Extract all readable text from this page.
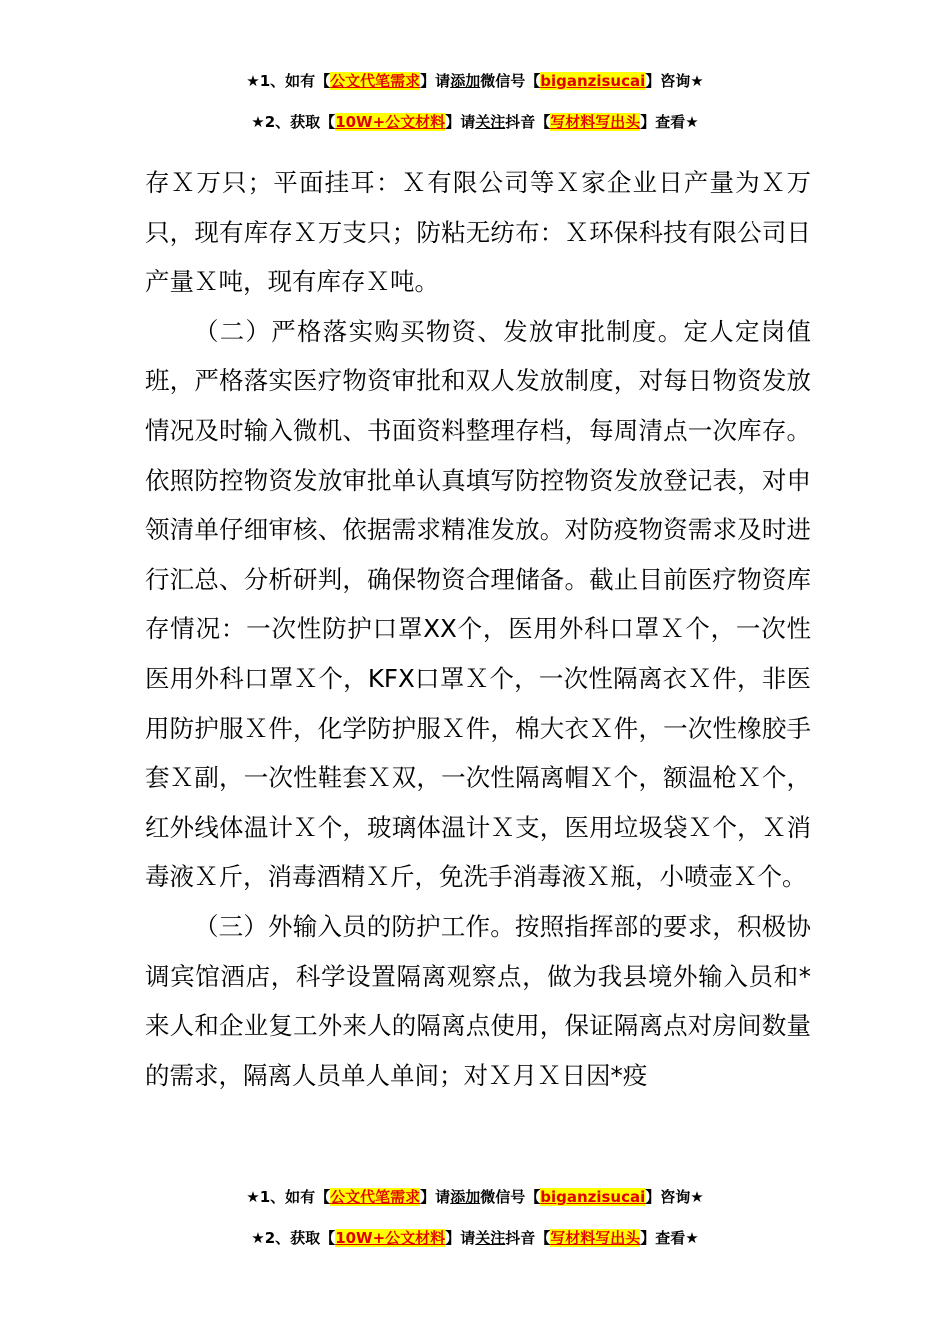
★1、如有【公文代笔需求】请添加微信号【biganzisucai】咨询★
★2、获取【10W+公文材料】请关注抖音【写材料写出头】查看★

存Ｘ万只；平面挂耳：Ｘ有限公司等Ｘ家企业日产量为Ｘ万只，现有库存Ｘ万支只；防粘无纺布：Ｘ环保科技有限公司日产量Ｘ吨，现有库存Ｘ吨。

（二）严格落实购买物资、发放审批制度。定人定岗值班，严格落实医疗物资审批和双人发放制度，对每日物资发放情况及时输入微机、书面资料整理存档，每周清点一次库存。依照防控物资发放审批单认真填写防控物资发放登记表，对申领清单仔细审核、依据需求精准发放。对防疫物资需求及时进行汇总、分析研判，确保物资合理储备。截止目前医疗物资库存情况：一次性防护口罩XX个，医用外科口罩Ｘ个，一次性医用外科口罩Ｘ个，KFX口罩Ｘ个，一次性隔离衣Ｘ件，非医用防护服Ｘ件，化学防护服Ｘ件，棉大衣Ｘ件，一次性橡胶手套Ｘ副，一次性鞋套Ｘ双，一次性隔离帽Ｘ个，额温枪Ｘ个，红外线体温计Ｘ个，玻璃体温计Ｘ支，医用垃圾袋Ｘ个，Ｘ消毒液Ｘ斤，消毒酒精Ｘ斤，免洗手消毒液Ｘ瓶，小喷壶Ｘ个。

（三）外输入员的防护工作。按照指挥部的要求，积极协调宾馆酒店，科学设置隔离观察点，做为我县境外输入员和*来人和企业复工外来人的隔离点使用，保证隔离点对房间数量的需求，隔离人员单人单间；对Ｘ月Ｘ日因*疫

★1、如有【公文代笔需求】请添加微信号【biganzisucai】咨询★
★2、获取【10W+公文材料】请关注抖音【写材料写出头】查看★
